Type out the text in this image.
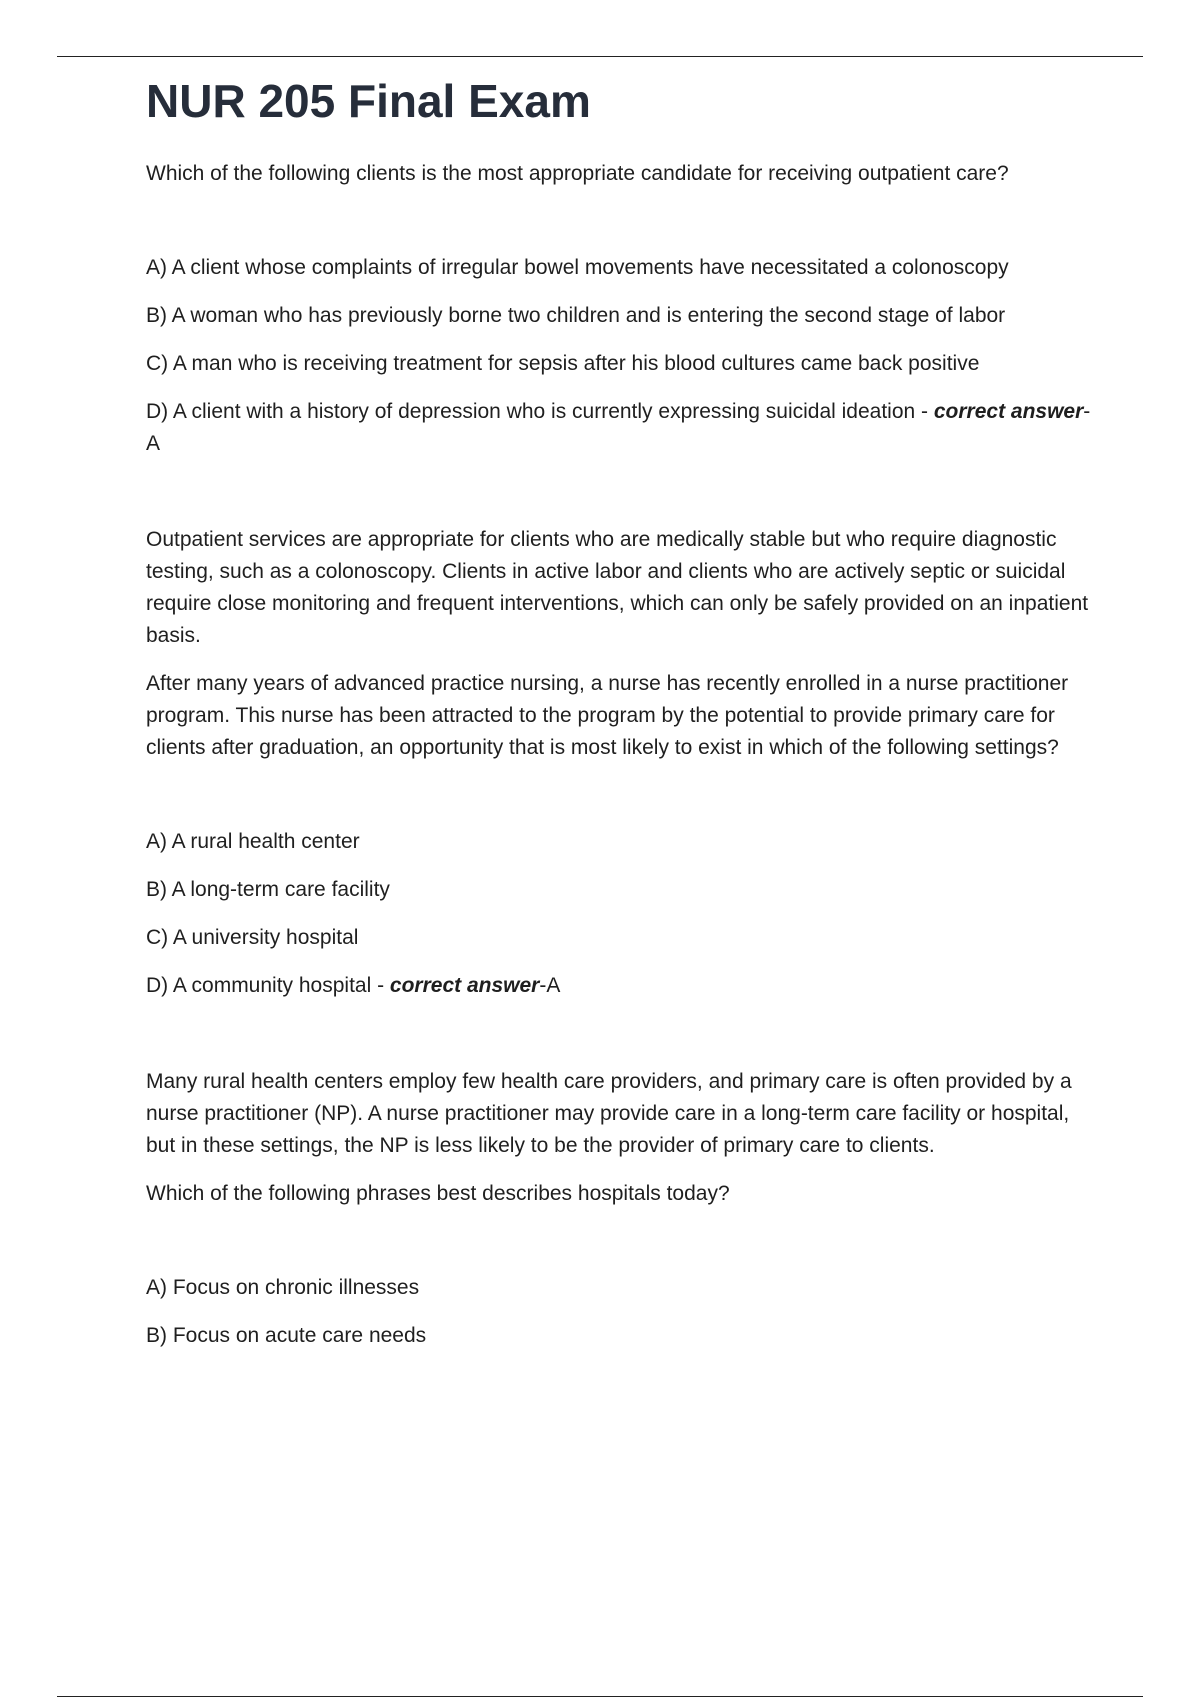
NUR 205 Final Exam

Which of the following clients is the most appropriate candidate for receiving outpatient care?

A) A client whose complaints of irregular bowel movements have necessitated a colonoscopy

B) A woman who has previously borne two children and is entering the second stage of labor

C) A man who is receiving treatment for sepsis after his blood cultures came back positive

D) A client with a history of depression who is currently expressing suicidal ideation - correct answer-A

Outpatient services are appropriate for clients who are medically stable but who require diagnostic testing, such as a colonoscopy. Clients in active labor and clients who are actively septic or suicidal require close monitoring and frequent interventions, which can only be safely provided on an inpatient basis.

After many years of advanced practice nursing, a nurse has recently enrolled in a nurse practitioner program. This nurse has been attracted to the program by the potential to provide primary care for clients after graduation, an opportunity that is most likely to exist in which of the following settings?

A) A rural health center

B) A long-term care facility

C) A university hospital

D) A community hospital - correct answer-A

Many rural health centers employ few health care providers, and primary care is often provided by a nurse practitioner (NP). A nurse practitioner may provide care in a long-term care facility or hospital, but in these settings, the NP is less likely to be the provider of primary care to clients.

Which of the following phrases best describes hospitals today?

A) Focus on chronic illnesses

B) Focus on acute care needs
